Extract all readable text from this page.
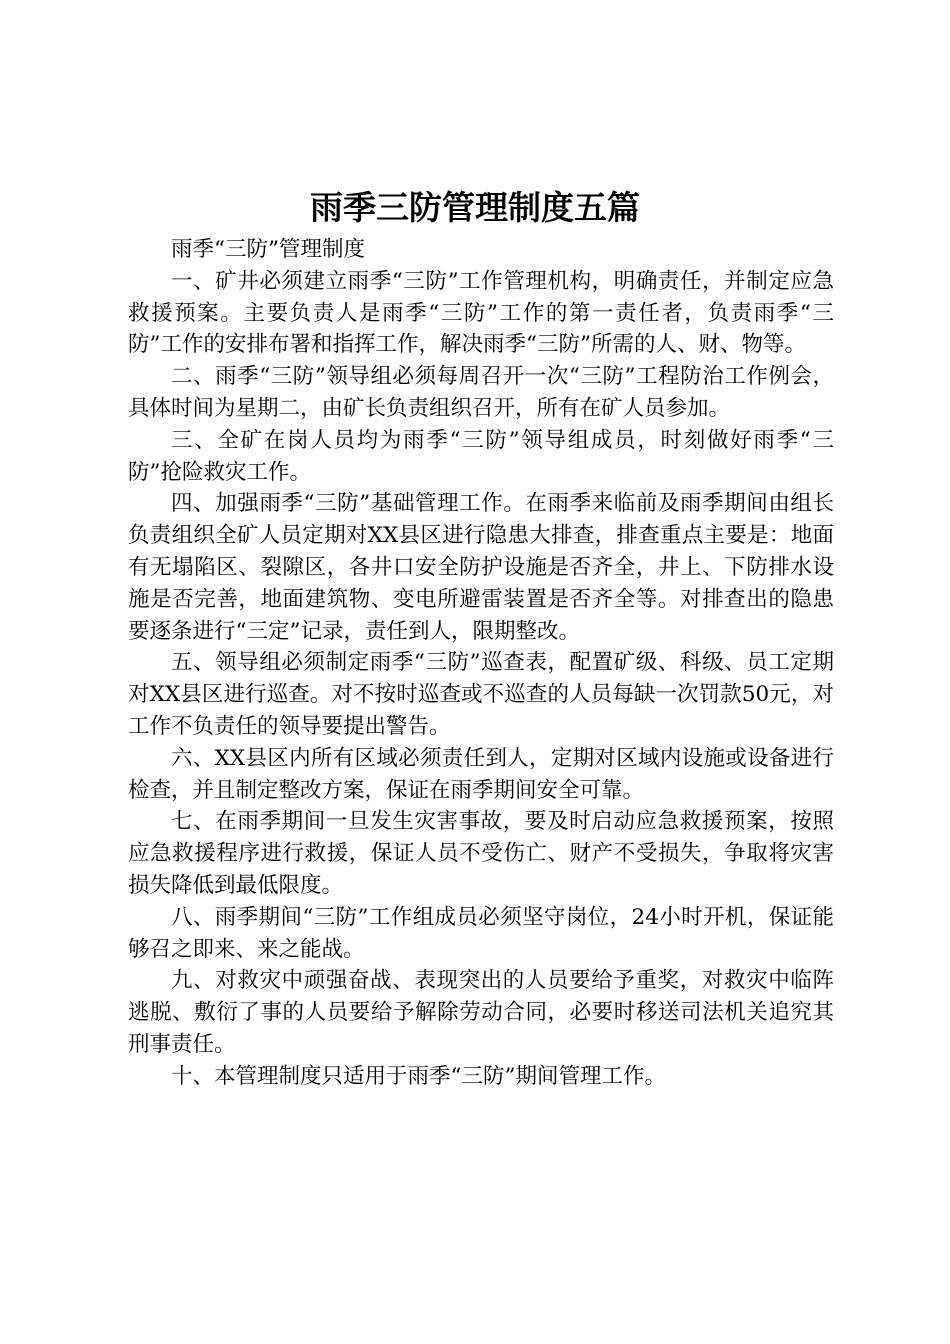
雨季三防管理制度五篇

雨季“三防”管理制度

一、矿井必须建立雨季“三防”工作管理机构，明确责任，并制定应急救援预案。主要负责人是雨季“三防”工作的第一责任者，负责雨季“三防”工作的安排布署和指挥工作，解决雨季“三防”所需的人、财、物等。

二、雨季“三防”领导组必须每周召开一次“三防”工程防治工作例会，具体时间为星期二，由矿长负责组织召开，所有在矿人员参加。

三、全矿在岗人员均为雨季“三防”领导组成员，时刻做好雨季“三防”抢险救灾工作。

四、加强雨季“三防”基础管理工作。在雨季来临前及雨季期间由组长负责组织全矿人员定期对XX县区进行隐患大排查，排查重点主要是：地面有无塌陷区、裂隙区，各井口安全防护设施是否齐全，井上、下防排水设施是否完善，地面建筑物、变电所避雷装置是否齐全等。对排查出的隐患要逐条进行“三定”记录，责任到人，限期整改。

五、领导组必须制定雨季“三防”巡查表，配置矿级、科级、员工定期对XX县区进行巡查。对不按时巡查或不巡查的人员每缺一次罚款50元，对工作不负责任的领导要提出警告。

六、XX县区内所有区域必须责任到人，定期对区域内设施或设备进行检查，并且制定整改方案，保证在雨季期间安全可靠。

七、在雨季期间一旦发生灾害事故，要及时启动应急救援预案，按照应急救援程序进行救援，保证人员不受伤亡、财产不受损失，争取将灾害损失降低到最低限度。

八、雨季期间“三防”工作组成员必须坚守岗位，24小时开机，保证能够召之即来、来之能战。

九、对救灾中顽强奋战、表现突出的人员要给予重奖，对救灾中临阵逃脱、敷衍了事的人员要给予解除劳动合同，必要时移送司法机关追究其刑事责任。

十、本管理制度只适用于雨季“三防”期间管理工作。
